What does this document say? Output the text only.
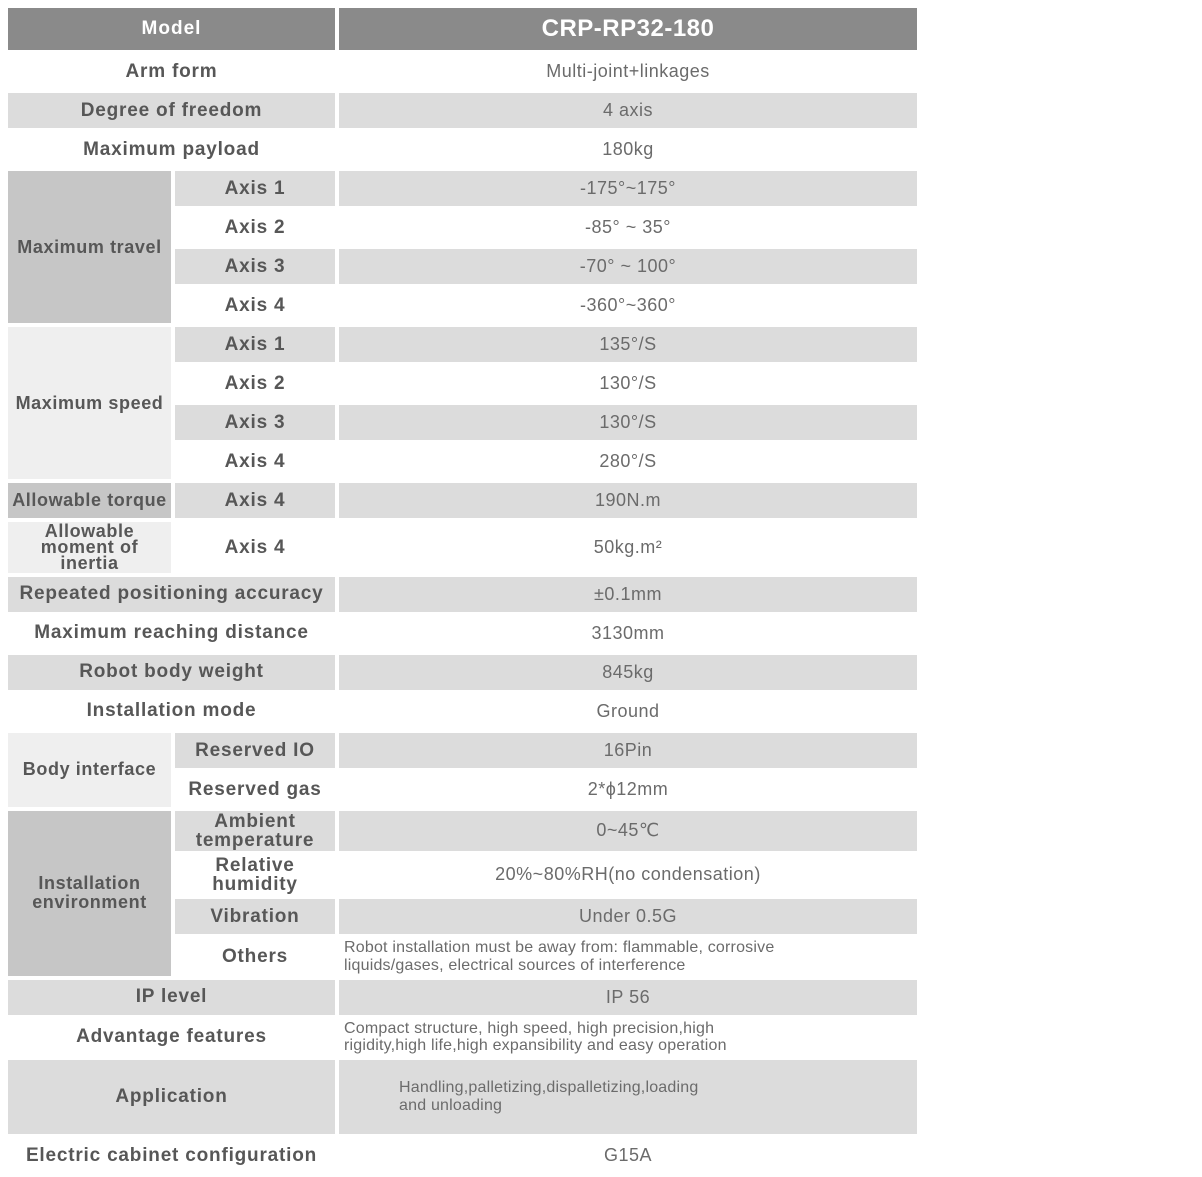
Model		CRP-RP32-180
Arm form		Multi-joint+linkages
Degree of freedom		4 axis
Maximum payload		180kg
Maximum travel	Axis 1	-175°~175°
	Axis 2	-85° ~ 35°
	Axis 3	-70° ~ 100°
	Axis 4	-360°~360°
Maximum speed	Axis 1	135°/S
	Axis 2	130°/S
	Axis 3	130°/S
	Axis 4	280°/S
Allowable torque	Axis 4	190N.m
Allowable moment of inertia	Axis 4	50kg.m²
Repeated positioning accuracy		±0.1mm
Maximum reaching distance		3130mm
Robot body weight		845kg
Installation mode		Ground
Body interface	Reserved IO	16Pin
	Reserved gas	2*ϕ12mm
Installation environment	Ambient temperature	0~45℃
	Relative humidity	20%~80%RH(no condensation)
	Vibration	Under 0.5G
	Others	Robot installation must be away from: flammable, corrosive
liquids/gases, electrical sources of interference

IP level		IP 56
Advantage features		Compact structure, high speed, high precision,high
rigidity,high life,high expansibility and easy operation

Application		Handling,palletizing,dispalletizing,loading
and unloading

Electric cabinet configuration		G15A
